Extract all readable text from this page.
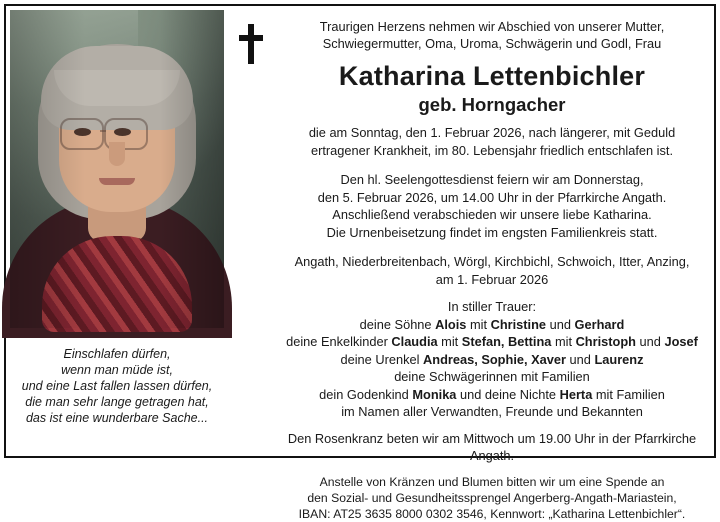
Einschlafen dürfen,
wenn man müde ist,
und eine Last fallen lassen dürfen,
die man sehr lange getragen hat,
das ist eine wunderbare Sache...
Traurigen Herzens nehmen wir Abschied von unserer Mutter,
Schwiegermutter, Oma, Uroma, Schwägerin und Godl, Frau
Katharina Lettenbichler
geb. Horngacher
die am Sonntag, den 1. Februar 2026, nach längerer, mit Geduld
ertragener Krankheit, im 80. Lebensjahr friedlich entschlafen ist.
Den hl. Seelengottesdienst feiern wir am Donnerstag,
den 5. Februar 2026, um 14.00 Uhr in der Pfarrkirche Angath.
Anschließend verabschieden wir unsere liebe Katharina.
Die Urnenbeisetzung findet im engsten Familienkreis statt.
Angath, Niederbreitenbach, Wörgl, Kirchbichl, Schwoich, Itter, Anzing,
am 1. Februar 2026
In stiller Trauer:
deine Söhne Alois mit Christine und Gerhard
deine Enkelkinder Claudia mit Stefan, Bettina mit Christoph und Josef
deine Urenkel Andreas, Sophie, Xaver und Laurenz
deine Schwägerinnen mit Familien
dein Godenkind Monika und deine Nichte Herta mit Familien
im Namen aller Verwandten, Freunde und Bekannten
Den Rosenkranz beten wir am Mittwoch um 19.00 Uhr in der Pfarrkirche Angath.
Anstelle von Kränzen und Blumen bitten wir um eine Spende an
den Sozial- und Gesundheitssprengel Angerberg-Angath-Mariastein,
IBAN: AT25 3635 8000 0302 3546, Kennwort: „Katharina Lettenbichler“.
